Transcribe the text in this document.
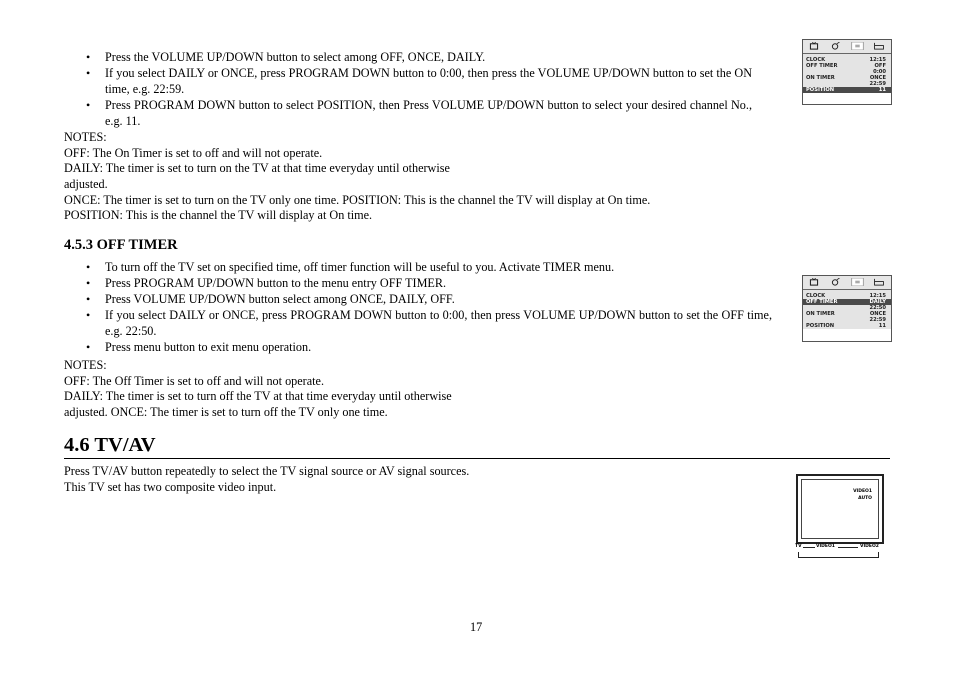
• Press the VOLUME UP/DOWN button to select among OFF, ONCE, DAILY.
• If you select DAILY or ONCE, press PROGRAM DOWN button to 0:00, then press the VOLUME UP/DOWN button to set the ON time, e.g. 22:59.
• Press PROGRAM DOWN button to select POSITION, then Press VOLUME UP/DOWN button to select your desired channel No., e.g. 11.
NOTES:
OFF: The On Timer is set to off and will not operate.
DAILY: The timer is set to turn on the TV at that time everyday until otherwise
adjusted.
ONCE: The timer is set to turn on the TV only one time. POSITION: This is the channel the TV will display at On time.
POSITION: This is the channel the TV will display at On time.
4.5.3 OFF TIMER
• To turn off the TV set on specified time, off timer function will be useful to you. Activate TIMER menu.
• Press PROGRAM UP/DOWN button to the menu entry OFF TIMER.
• Press VOLUME UP/DOWN button select among ONCE, DAILY, OFF.
• If you select DAILY or ONCE, press PROGRAM DOWN button to 0:00, then press VOLUME UP/DOWN button to set the OFF time, e.g. 22:50.
• Press menu button to exit menu operation.
NOTES:
OFF: The Off Timer is set to off and will not operate.
DAILY: The timer is set to turn off the TV at that time everyday until otherwise
adjusted. ONCE: The timer is set to turn off the TV only one time.
4.6 TV/AV
Press TV/AV button repeatedly to select the TV signal source or AV signal sources.
This TV set has two composite video input.
17
CLOCK	12:15
OFF TIMER	OFF
0:00
ON TIMER	ONCE
22:59
POSITION	11
CLOCK	12:15
OFF TIMER	DAILY
22:50
ON TIMER	ONCE
22:59
POSITION	11
VIDEO1
AUTO
TV	VIDEO1	VIDEO2
